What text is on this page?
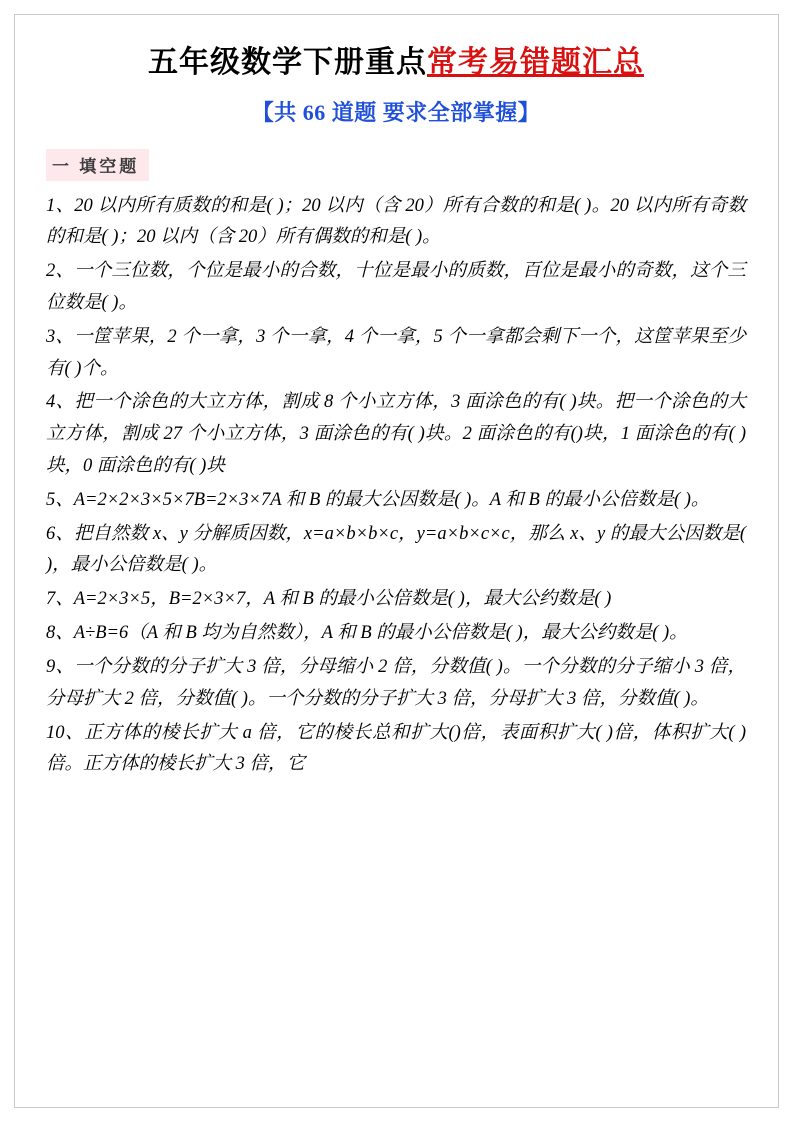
五年级数学下册重点常考易错题汇总
【共 66 道题 要求全部掌握】
一 填空题

1、20 以内所有质数的和是( )；20 以内（含 20）所有合数的和是( )。20 以内所有奇数的和是( )；20 以内（含 20）所有偶数的和是( )。

2、一个三位数，个位是最小的合数，十位是最小的质数，百位是最小的奇数，这个三位数是( )。

3、一筐苹果，2 个一拿，3 个一拿，4 个一拿，5 个一拿都会剩下一个，这筐苹果至少有( )个。

4、把一个涂色的大立方体，割成 8 个小立方体，3 面涂色的有( )块。把一个涂色的大立方体，割成 27 个小立方体，3 面涂色的有( )块。2 面涂色的有()块，1 面涂色的有( )块，0 面涂色的有( )块

5、A=2×2×3×5×7B=2×3×7A 和 B 的最大公因数是( )。A 和 B 的最小公倍数是( )。

6、把自然数 x、y 分解质因数，x=a×b×b×c，y=a×b×c×c，那么 x、y 的最大公因数是( )，最小公倍数是( )。

7、A=2×3×5，B=2×3×7，A 和 B 的最小公倍数是( )，最大公约数是( )

8、A÷B=6（A 和 B 均为自然数），A 和 B 的最小公倍数是( )，最大公约数是( )。

9、一个分数的分子扩大 3 倍，分母缩小 2 倍，分数值( )。一个分数的分子缩小 3 倍，分母扩大 2 倍，分数值( )。一个分数的分子扩大 3 倍，分母扩大 3 倍，分数值( )。

10、正方体的棱长扩大 a 倍，它的棱长总和扩大()倍，表面积扩大( )倍，体积扩大( )倍。正方体的棱长扩大 3 倍，它
